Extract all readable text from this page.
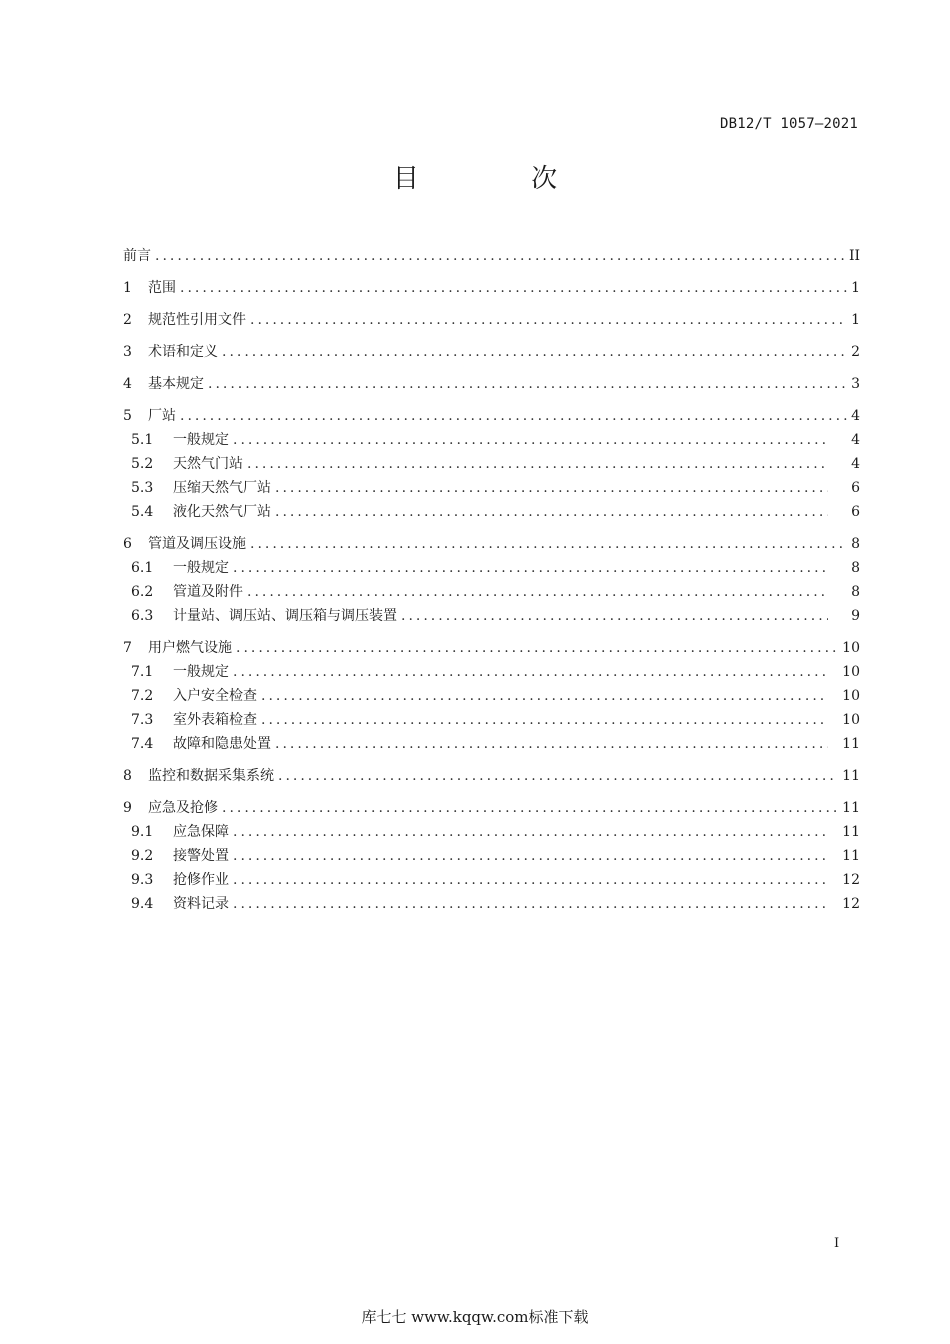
DB12/T 1057—2021
目 次
前言 .....	II
1	范围 .....	1
2	规范性引用文件 .....	1
3	术语和定义 .....	2
4	基本规定 .....	3
5	厂站 .....	4
5.1	一般规定 .....	4
5.2	天然气门站 .....	4
5.3	压缩天然气厂站 .....	6
5.4	液化天然气厂站 .....	6
6	管道及调压设施 .....	8
6.1	一般规定 .....	8
6.2	管道及附件 .....	8
6.3	计量站、调压站、调压箱与调压装置 .....	9
7	用户燃气设施 .....	10
7.1	一般规定 .....	10
7.2	入户安全检查 .....	10
7.3	室外表箱检查 .....	10
7.4	故障和隐患处置 .....	11
8	监控和数据采集系统 .....	11
9	应急及抢修 .....	11
9.1	应急保障 .....	11
9.2	接警处置 .....	11
9.3	抢修作业 .....	12
9.4	资料记录 .....	12
I
库七七 www.kqqw.com标准下载
